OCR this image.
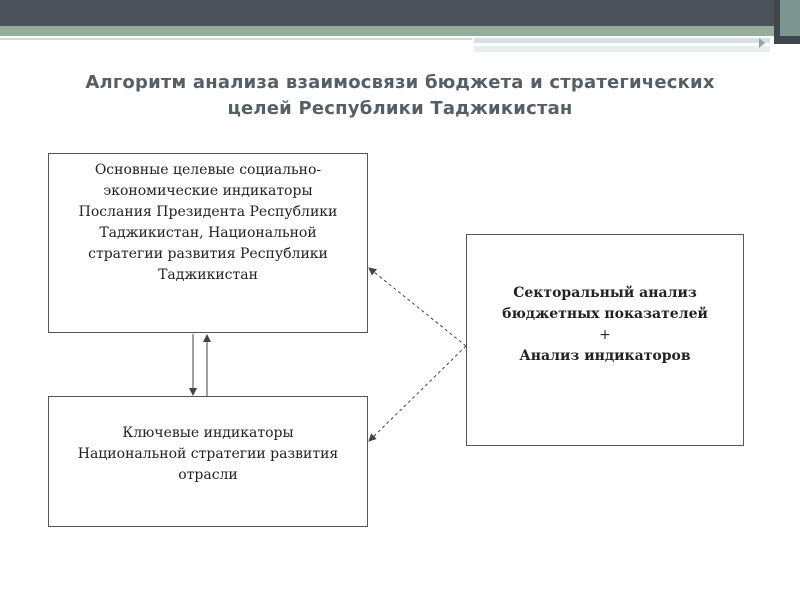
Алгоритм анализа взаимосвязи бюджета и стратегических
целей Республики Таджикистан
Основные целевые социально-
экономические индикаторы
Послания Президента Республики
Таджикистан, Национальной
стратегии развития Республики
Таджикистан
Ключевые индикаторы
Национальной стратегии развития
отрасли
Секторальный анализ
бюджетных показателей
+
Анализ индикаторов
